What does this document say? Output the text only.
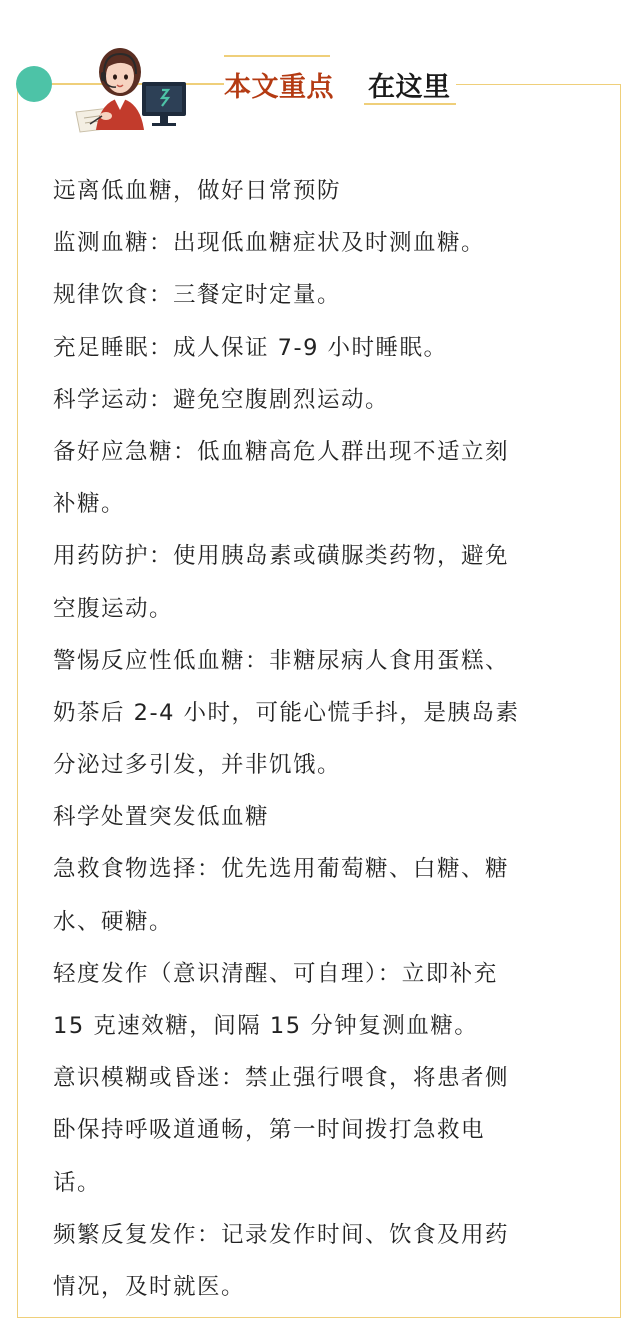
本文重点 在这里
远离低血糖，做好日常预防
监测血糖：出现低血糖症状及时测血糖。
规律饮食：三餐定时定量。
充足睡眠：成人保证 7-9 小时睡眠。
科学运动：避免空腹剧烈运动。
备好应急糖：低血糖高危人群出现不适立刻
补糖。
用药防护：使用胰岛素或磺脲类药物，避免
空腹运动。
警惕反应性低血糖：非糖尿病人食用蛋糕、
奶茶后 2-4 小时，可能心慌手抖，是胰岛素
分泌过多引发，并非饥饿。
科学处置突发低血糖
急救食物选择：优先选用葡萄糖、白糖、糖
水、硬糖。
轻度发作（意识清醒、可自理）：立即补充
15 克速效糖，间隔 15 分钟复测血糖。
意识模糊或昏迷：禁止强行喂食，将患者侧
卧保持呼吸道通畅，第一时间拨打急救电
话。
频繁反复发作：记录发作时间、饮食及用药
情况，及时就医。
